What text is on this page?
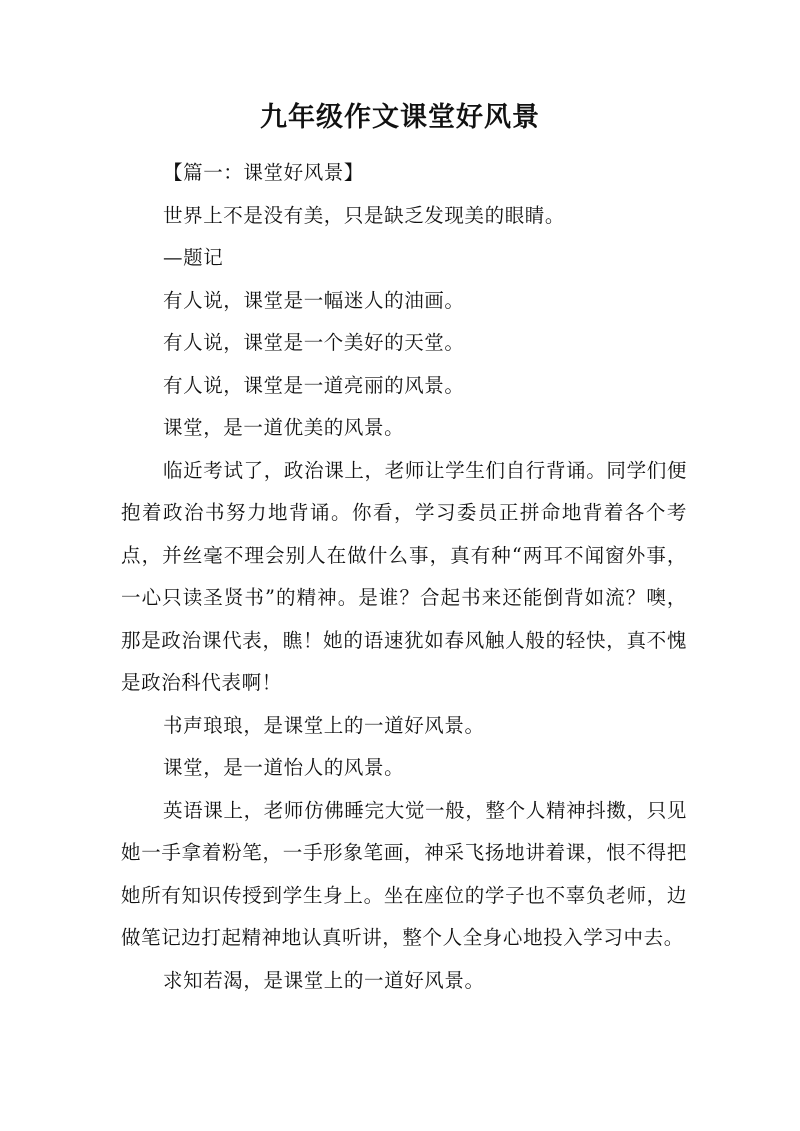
九年级作文课堂好风景

【篇一：课堂好风景】

世界上不是没有美，只是缺乏发现美的眼睛。

—题记

有人说，课堂是一幅迷人的油画。

有人说，课堂是一个美好的天堂。

有人说，课堂是一道亮丽的风景。

课堂，是一道优美的风景。

临近考试了，政治课上，老师让学生们自行背诵。同学们便抱着政治书努力地背诵。你看，学习委员正拼命地背着各个考点，并丝毫不理会别人在做什么事，真有种“两耳不闻窗外事，一心只读圣贤书”的精神。是谁？合起书来还能倒背如流？噢，那是政治课代表，瞧！她的语速犹如春风触人般的轻快，真不愧是政治科代表啊！

书声琅琅，是课堂上的一道好风景。

课堂，是一道怡人的风景。

英语课上，老师仿佛睡完大觉一般，整个人精神抖擞，只见她一手拿着粉笔，一手形象笔画，神采飞扬地讲着课，恨不得把她所有知识传授到学生身上。坐在座位的学子也不辜负老师，边做笔记边打起精神地认真听讲，整个人全身心地投入学习中去。

求知若渴，是课堂上的一道好风景。
